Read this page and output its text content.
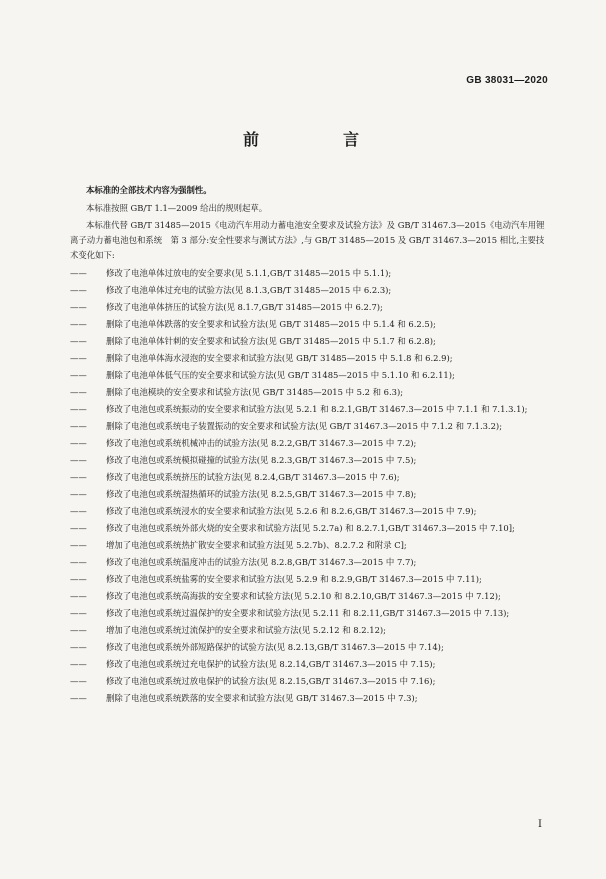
GB 38031—2020
前　言

本标准的全部技术内容为强制性。

本标准按照 GB/T 1.1—2009 给出的规则起草。

本标准代替 GB/T 31485—2015《电动汽车用动力蓄电池安全要求及试验方法》及 GB/T 31467.3—2015《电动汽车用锂离子动力蓄电池包和系统　第 3 部分:安全性要求与测试方法》,与 GB/T 31485—2015 及 GB/T 31467.3—2015 相比,主要技术变化如下:

—— 修改了电池单体过放电的安全要求(见 5.1.1,GB/T 31485—2015 中 5.1.1);
—— 修改了电池单体过充电的试验方法(见 8.1.3,GB/T 31485—2015 中 6.2.3);
—— 修改了电池单体挤压的试验方法(见 8.1.7,GB/T 31485—2015 中 6.2.7);
—— 删除了电池单体跌落的安全要求和试验方法(见 GB/T 31485—2015 中 5.1.4 和 6.2.5);
—— 删除了电池单体针刺的安全要求和试验方法(见 GB/T 31485—2015 中 5.1.7 和 6.2.8);
—— 删除了电池单体海水浸泡的安全要求和试验方法(见 GB/T 31485—2015 中 5.1.8 和 6.2.9);
—— 删除了电池单体低气压的安全要求和试验方法(见 GB/T 31485—2015 中 5.1.10 和 6.2.11);
—— 删除了电池模块的安全要求和试验方法(见 GB/T 31485—2015 中 5.2 和 6.3);
—— 修改了电池包或系统振动的安全要求和试验方法(见 5.2.1 和 8.2.1,GB/T 31467.3—2015 中 7.1.1 和 7.1.3.1);
—— 删除了电池包或系统电子装置振动的安全要求和试验方法(见 GB/T 31467.3—2015 中 7.1.2 和 7.1.3.2);
—— 修改了电池包或系统机械冲击的试验方法(见 8.2.2,GB/T 31467.3—2015 中 7.2);
—— 修改了电池包或系统模拟碰撞的试验方法(见 8.2.3,GB/T 31467.3—2015 中 7.5);
—— 修改了电池包或系统挤压的试验方法(见 8.2.4,GB/T 31467.3—2015 中 7.6);
—— 修改了电池包或系统湿热循环的试验方法(见 8.2.5,GB/T 31467.3—2015 中 7.8);
—— 修改了电池包或系统浸水的安全要求和试验方法(见 5.2.6 和 8.2.6,GB/T 31467.3—2015 中 7.9);
—— 修改了电池包或系统外部火烧的安全要求和试验方法[见 5.2.7a) 和 8.2.7.1,GB/T 31467.3—2015 中 7.10];
—— 增加了电池包或系统热扩散安全要求和试验方法[见 5.2.7b)、8.2.7.2 和附录 C];
—— 修改了电池包或系统温度冲击的试验方法(见 8.2.8,GB/T 31467.3—2015 中 7.7);
—— 修改了电池包或系统盐雾的安全要求和试验方法(见 5.2.9 和 8.2.9,GB/T 31467.3—2015 中 7.11);
—— 修改了电池包或系统高海拔的安全要求和试验方法(见 5.2.10 和 8.2.10,GB/T 31467.3—2015 中 7.12);
—— 修改了电池包或系统过温保护的安全要求和试验方法(见 5.2.11 和 8.2.11,GB/T 31467.3—2015 中 7.13);
—— 增加了电池包或系统过流保护的安全要求和试验方法(见 5.2.12 和 8.2.12);
—— 修改了电池包或系统外部短路保护的试验方法(见 8.2.13,GB/T 31467.3—2015 中 7.14);
—— 修改了电池包或系统过充电保护的试验方法(见 8.2.14,GB/T 31467.3—2015 中 7.15);
—— 修改了电池包或系统过放电保护的试验方法(见 8.2.15,GB/T 31467.3—2015 中 7.16);
—— 删除了电池包或系统跌落的安全要求和试验方法(见 GB/T 31467.3—2015 中 7.3);
I
